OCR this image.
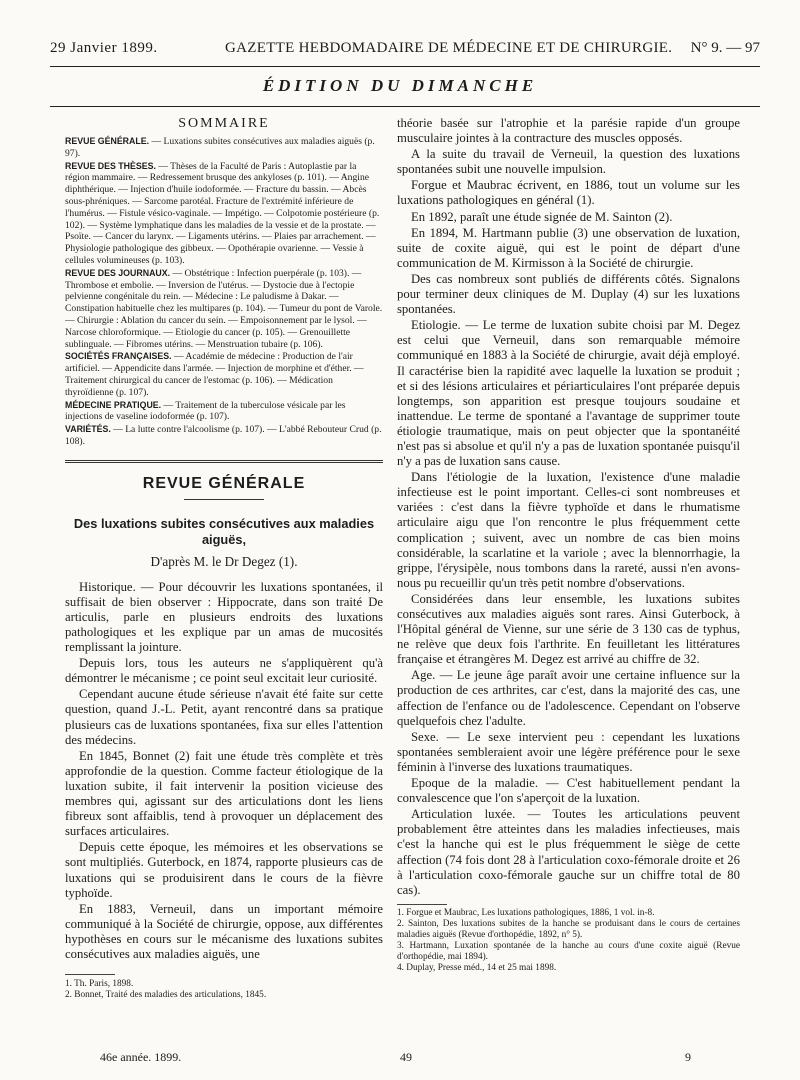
29 Janvier 1899.	GAZETTE HEBDOMADAIRE DE MÉDECINE ET DE CHIRURGIE. N° 9. — 97
ÉDITION DU DIMANCHE
SOMMAIRE
REVUE GÉNÉRALE. — Luxations subites consécutives aux maladies aiguës (p. 97).
REVUE DES THÈSES. — Thèses de la Faculté de Paris : Autoplastie par la région mammaire. — Redressement brusque des ankyloses (p. 101). — Angine diphthérique. — Injection d'huile iodoformée. — Fracture du bassin. — Abcès sous-phréniques. — Sarcome parotéal. Fracture de l'extrémité inférieure de l'humérus. — Fistule vésico-vaginale. — Impétigo. — Colpotomie postérieure (p. 102). — Système lymphatique dans les maladies de la vessie et de la prostate. — Psoïte. — Cancer du larynx. — Ligaments utérins. — Plaies par arrachement. — Physiologie pathologique des gibbeux. — Opothérapie ovarienne. — Vessie à cellules volumineuses (p. 103).
REVUE DES JOURNAUX. — Obstétrique : Infection puerpérale (p. 103). — Thrombose et embolie. — Inversion de l'utérus. — Dystocie due à l'ectopie pelvienne congénitale du rein. — Médecine : Le paludisme à Dakar. — Constipation habituelle chez les multipares (p. 104). — Tumeur du pont de Varole. — Chirurgie : Ablation du cancer du sein. — Empoisonnement par le lysol. — Narcose chloroformique. — Etiologie du cancer (p. 105). — Grenouillette sublinguale. — Fibromes utérins. — Menstruation tubaire (p. 106).
SOCIÉTÉS FRANÇAISES. — Académie de médecine : Production de l'air artificiel. — Appendicite dans l'armée. — Injection de morphine et d'éther. — Traitement chirurgical du cancer de l'estomac (p. 106). — Médication thyroïdienne (p. 107).
MÉDECINE PRATIQUE. — Traitement de la tuberculose vésicale par les injections de vaseline iodoformée (p. 107).
VARIÉTÉS. — La lutte contre l'alcoolisme (p. 107). — L'abbé Rebouteur Crud (p. 108).
REVUE GÉNÉRALE
Des luxations subites consécutives aux maladies aiguës,
D'après M. le Dr Degez (1).

Historique. — Pour découvrir les luxations spontanées, il suffisait de bien observer : Hippocrate, dans son traité De articulis, parle en plusieurs endroits des luxations pathologiques et les explique par un amas de mucosités remplissant la jointure.

Depuis lors, tous les auteurs ne s'appliquèrent qu'à démontrer le mécanisme ; ce point seul excitait leur curiosité.

Cependant aucune étude sérieuse n'avait été faite sur cette question, quand J.-L. Petit, ayant rencontré dans sa pratique plusieurs cas de luxations spontanées, fixa sur elles l'attention des médecins.

En 1845, Bonnet (2) fait une étude très complète et très approfondie de la question. Comme facteur étiologique de la luxation subite, il fait intervenir la position vicieuse des membres qui, agissant sur des articulations dont les liens fibreux sont affaiblis, tend à provoquer un déplacement des surfaces articulaires.

Depuis cette époque, les mémoires et les observations se sont multipliés. Guterbock, en 1874, rapporte plusieurs cas de luxations qui se produisirent dans le cours de la fièvre typhoïde.

En 1883, Verneuil, dans un important mémoire communiqué à la Société de chirurgie, oppose, aux différentes hypothèses en cours sur le mécanisme des luxations subites consécutives aux maladies aiguës, une

1. Th. Paris, 1898.
2. Bonnet, Traité des maladies des articulations, 1845.

théorie basée sur l'atrophie et la parésie rapide d'un groupe musculaire jointes à la contracture des muscles opposés.

A la suite du travail de Verneuil, la question des luxations spontanées subit une nouvelle impulsion.

Forgue et Maubrac écrivent, en 1886, tout un volume sur les luxations pathologiques en général (1).

En 1892, paraît une étude signée de M. Sainton (2).

En 1894, M. Hartmann publie (3) une observation de luxation, suite de coxite aiguë, qui est le point de départ d'une communication de M. Kirmisson à la Société de chirurgie.

Des cas nombreux sont publiés de différents côtés. Signalons pour terminer deux cliniques de M. Duplay (4) sur les luxations spontanées.

Etiologie. — Le terme de luxation subite choisi par M. Degez est celui que Verneuil, dans son remarquable mémoire communiqué en 1883 à la Société de chirurgie, avait déjà employé. Il caractérise bien la rapidité avec laquelle la luxation se produit ; et si des lésions articulaires et périarticulaires l'ont préparée depuis longtemps, son apparition est presque toujours soudaine et inattendue. Le terme de spontané a l'avantage de supprimer toute étiologie traumatique, mais on peut objecter que la spontanéité n'est pas si absolue et qu'il n'y a pas de luxation spontanée puisqu'il n'y a pas de luxation sans cause.

Dans l'étiologie de la luxation, l'existence d'une maladie infectieuse est le point important. Celles-ci sont nombreuses et variées : c'est dans la fièvre typhoïde et dans le rhumatisme articulaire aigu que l'on rencontre le plus fréquemment cette complication ; suivent, avec un nombre de cas bien moins considérable, la scarlatine et la variole ; avec la blennorrhagie, la grippe, l'érysipèle, nous tombons dans la rareté, aussi n'en avons-nous pu recueillir qu'un très petit nombre d'observations.

Considérées dans leur ensemble, les luxations subites consécutives aux maladies aiguës sont rares. Ainsi Guterbock, à l'Hôpital général de Vienne, sur une série de 3 130 cas de typhus, ne relève que deux fois l'arthrite. En feuilletant les littératures française et étrangères M. Degez est arrivé au chiffre de 32.

Age. — Le jeune âge paraît avoir une certaine influence sur la production de ces arthrites, car c'est, dans la majorité des cas, une affection de l'enfance ou de l'adolescence. Cependant on l'observe quelquefois chez l'adulte.

Sexe. — Le sexe intervient peu : cependant les luxations spontanées sembleraient avoir une légère préférence pour le sexe féminin à l'inverse des luxations traumatiques.

Epoque de la maladie. — C'est habituellement pendant la convalescence que l'on s'aperçoit de la luxation.

Articulation luxée. — Toutes les articulations peuvent probablement être atteintes dans les maladies infectieuses, mais c'est la hanche qui est le plus fréquemment le siège de cette affection (74 fois dont 28 à l'articulation coxo-fémorale droite et 26 à l'articulation coxo-fémorale gauche sur un chiffre total de 80 cas).

1. Forgue et Maubrac, Les luxations pathologiques, 1886, 1 vol. in-8.
2. Sainton, Des luxations subites de la hanche se produisant dans le cours de certaines maladies aiguës (Revue d'orthopédie, 1892, n° 5).
3. Hartmann, Luxation spontanée de la hanche au cours d'une coxite aiguë (Revue d'orthopédie, mai 1894).
4. Duplay, Presse méd., 14 et 25 mai 1898.
46e année. 1899.	49	9
